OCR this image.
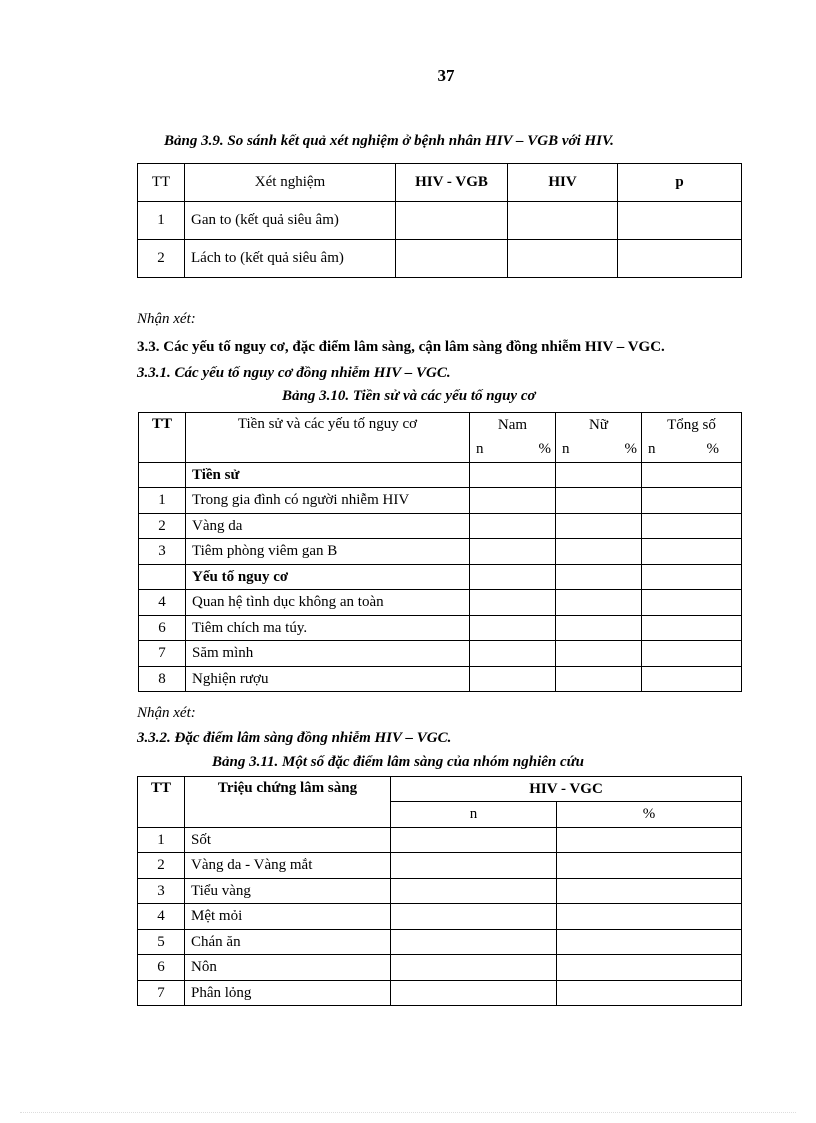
37
Bảng 3.9. So sánh kết quả xét nghiệm ở bệnh nhân HIV – VGB với HIV.
TT	Xét nghiệm	HIV - VGB	HIV	p
1	Gan to (kết quả siêu âm)			
2	Lách to (kết quả siêu âm)			
Nhận xét:
3.3. Các yếu tố nguy cơ, đặc điểm lâm sàng, cận lâm sàng đồng nhiễm HIV – VGC.
3.3.1. Các yếu tố nguy cơ đồng nhiễm HIV – VGC.
Bảng 3.10. Tiền sử và các yếu tố nguy cơ
TT	Tiền sử và các yếu tố nguy cơ	Nam	Nữ	Tổng số

		n %	n %	n %

	Tiền sử			
1	Trong gia đình có người nhiễm HIV			
2	Vàng da			
3	Tiêm phòng viêm gan B			
	Yếu tố nguy cơ			
4	Quan hệ tình dục không an toàn			
6	Tiêm chích ma túy.			
7	Săm mình			
8	Nghiện rượu			
Nhận xét:
3.3.2. Đặc điểm lâm sàng đồng nhiễm HIV – VGC.
Bảng 3.11. Một số đặc điểm lâm sàng của nhóm nghiên cứu
TT	Triệu chứng lâm sàng	HIV - VGC	
		n	%
1	Sốt		
2	Vàng da - Vàng mắt		
3	Tiểu vàng		
4	Mệt mỏi		
5	Chán ăn		
6	Nôn		
7	Phân lỏng		
